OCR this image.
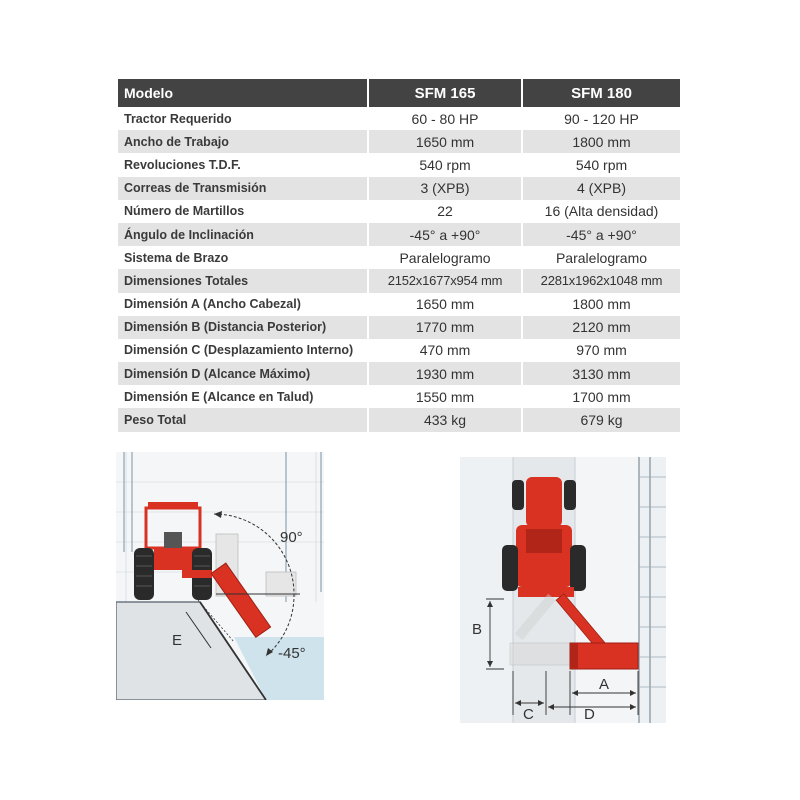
Modelo	SFM 165	SFM 180
Tractor Requerido	60 - 80 HP	90 - 120 HP
Ancho de Trabajo	1650 mm	1800 mm
Revoluciones T.D.F.	540 rpm	540 rpm
Correas de Transmisión	3 (XPB)	4 (XPB)
Número de Martillos	22	16 (Alta densidad)
Ángulo de Inclinación	-45° a +90°	-45° a +90°
Sistema de Brazo	Paralelogramo	Paralelogramo
Dimensiones Totales	2152x1677x954 mm	2281x1962x1048 mm
Dimensión A (Ancho Cabezal)	1650 mm	1800 mm
Dimensión B (Distancia Posterior)	1770 mm	2120 mm
Dimensión C (Desplazamiento Interno)	470 mm	970 mm
Dimensión D (Alcance Máximo)	1930 mm	3130 mm
Dimensión E (Alcance en Talud)	1550 mm	1700 mm
Peso Total	433 kg	679 kg
90°
-45°
E
B
C
A
D
